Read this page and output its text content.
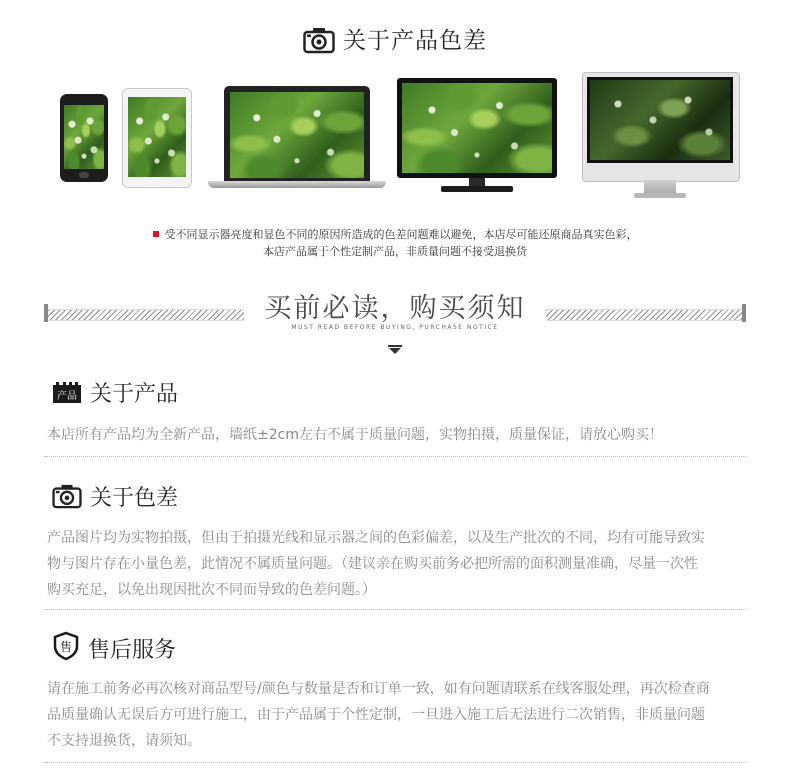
关于产品色差
受不同显示器亮度和显色不同的原因所造成的色差问题难以避免，本店尽可能还原商品真实色彩，
本店产品属于个性定制产品，非质量问题不接受退换货
买前必读，购买须知
MUST READ BEFORE BUYING, PURCHASE NOTICE
产品 关于产品
本店所有产品均为全新产品，墙纸±2cm左右不属于质量问题，实物拍摄，质量保证，请放心购买！
关于色差
产品图片均为实物拍摄，但由于拍摄光线和显示器之间的色彩偏差，以及生产批次的不同，均有可能导致实
物与图片存在小量色差，此情况不属质量问题。（建议亲在购买前务必把所需的面积测量准确，尽量一次性
购买充足，以免出现因批次不同而导致的色差问题。）
售 售后服务
请在施工前务必再次核对商品型号/颜色与数量是否和订单一致，如有问题请联系在线客服处理，再次检查商
品质量确认无误后方可进行施工，由于产品属于个性定制，一旦进入施工后无法进行二次销售，非质量问题
不支持退换货，请须知。
